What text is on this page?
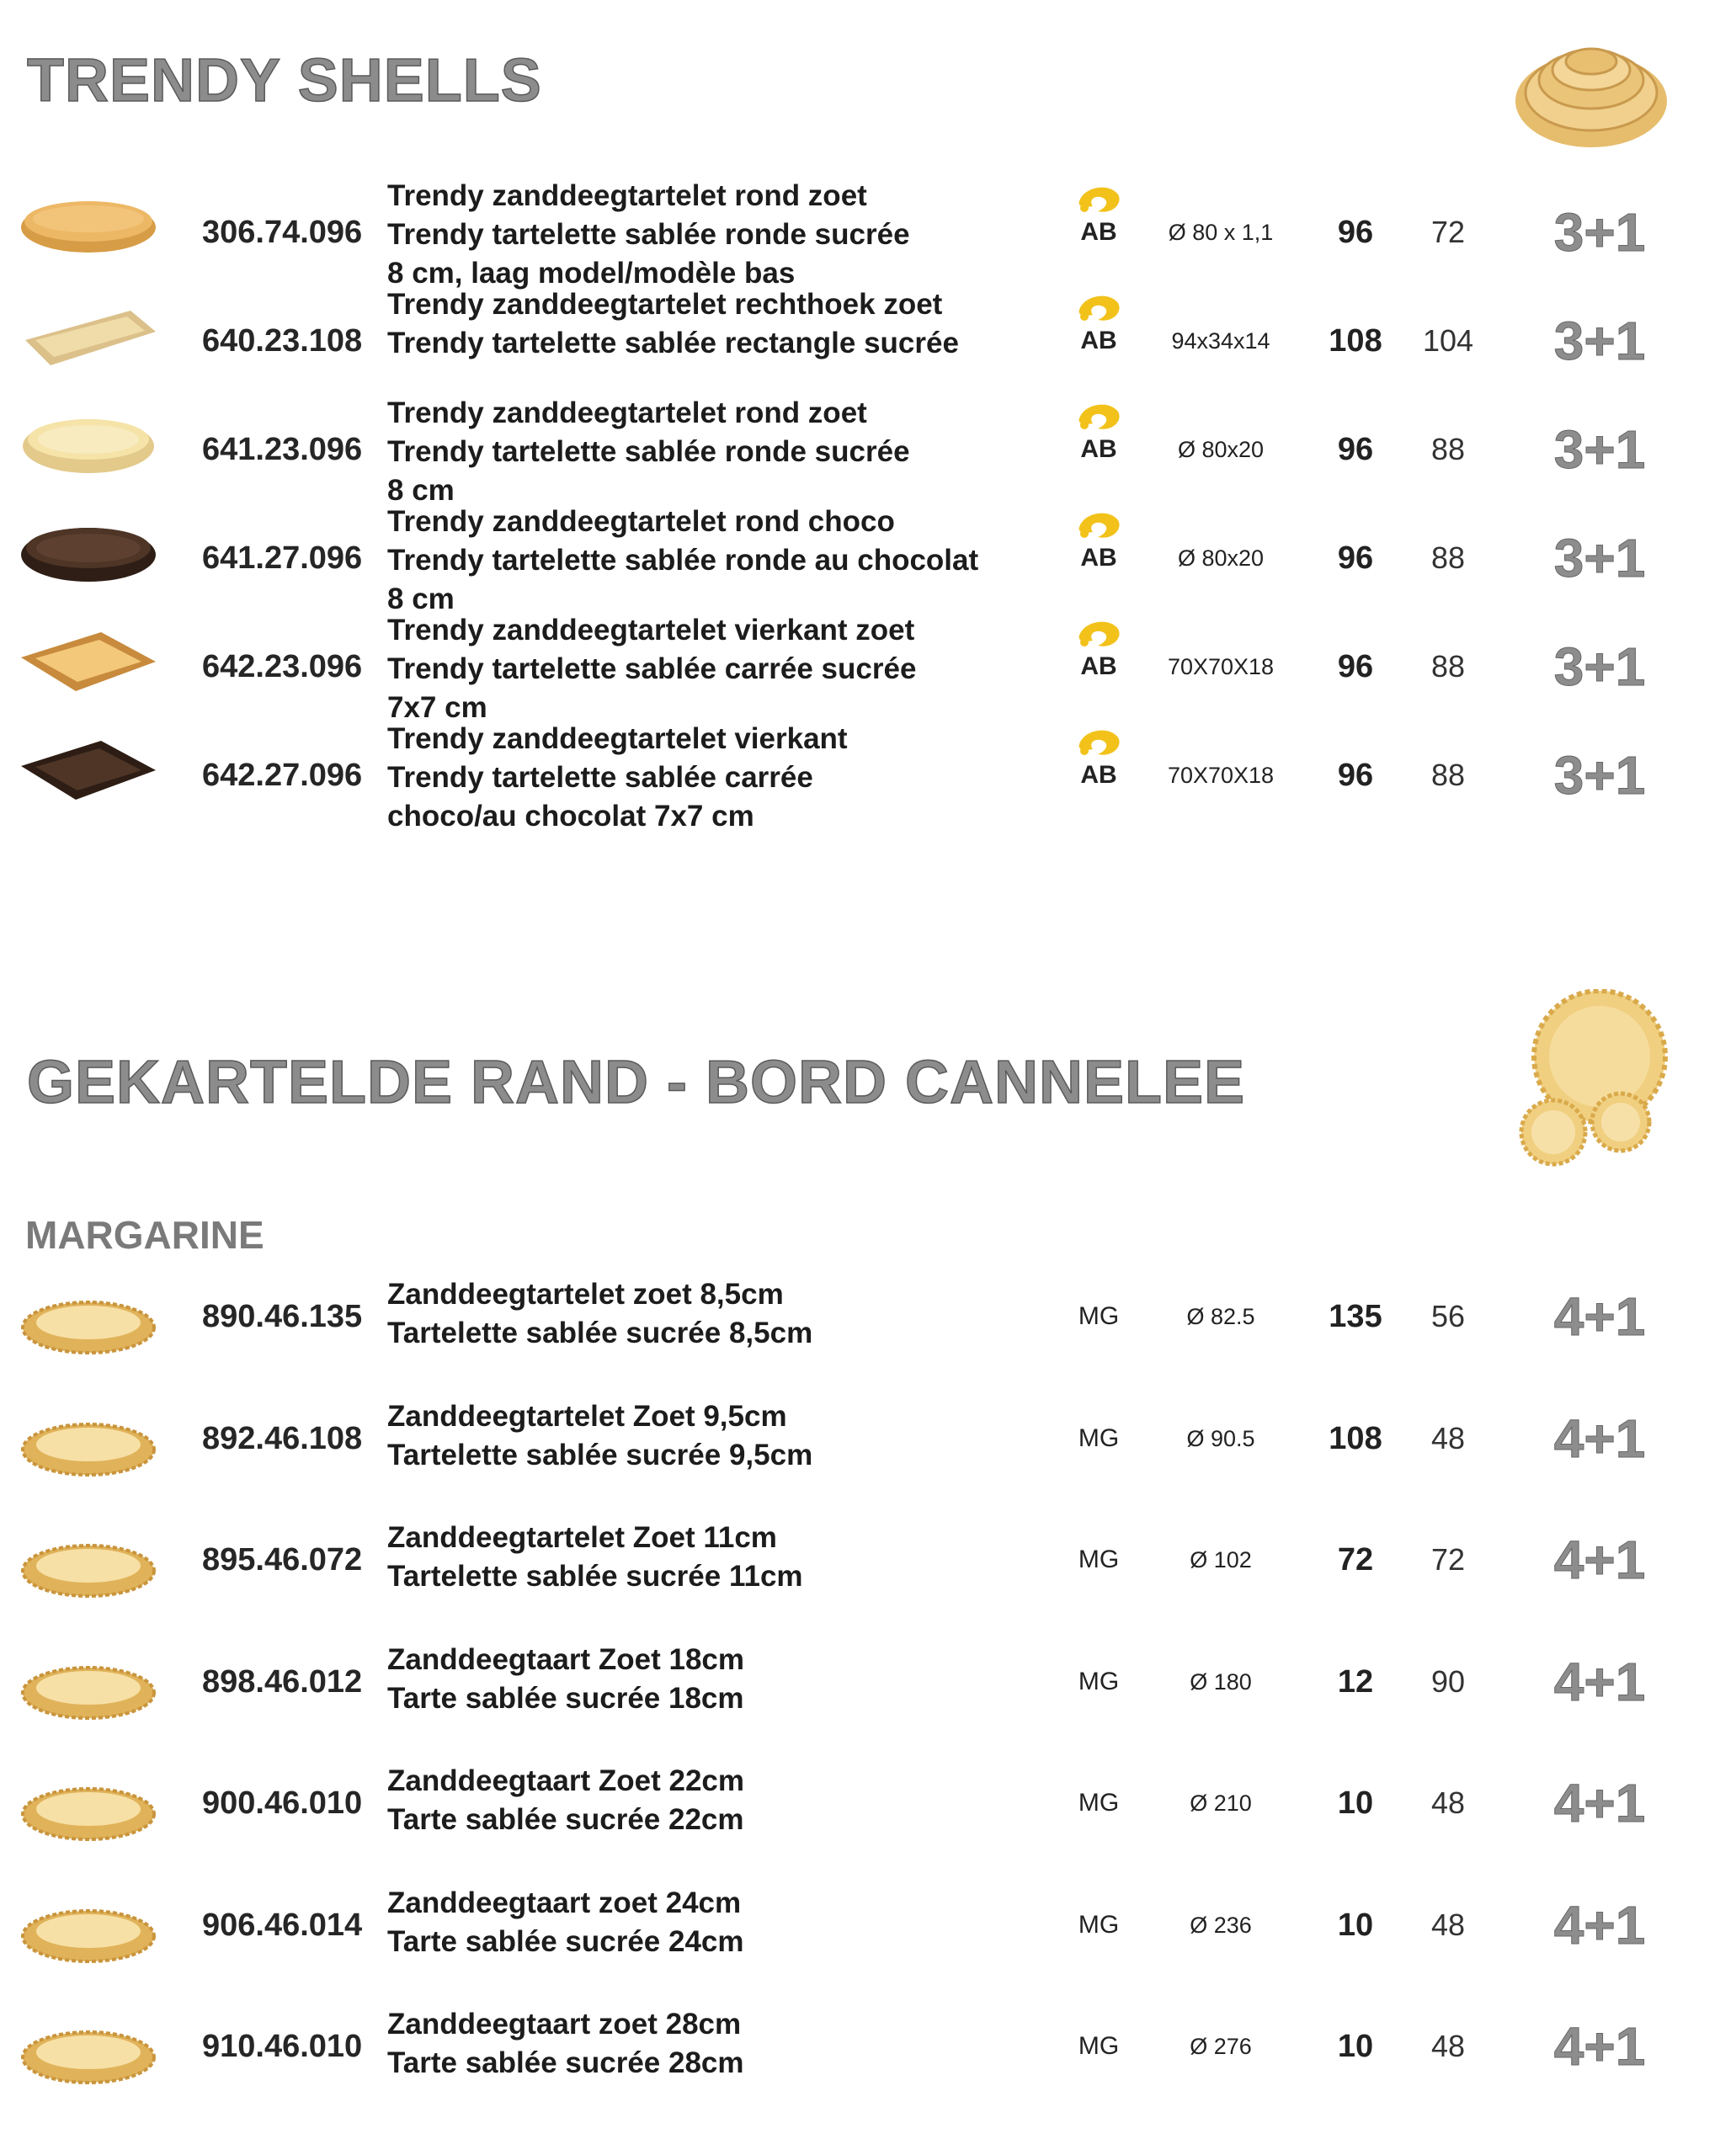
TRENDY SHELLS
306.74.096
Trendy zanddeegtartelet rond zoet
Trendy tartelette sablée ronde sucrée
8 cm, laag model/modèle bas
AB	Ø 80 x 1,1	96	72	3+1
640.23.108
Trendy zanddeegtartelet rechthoek zoet
Trendy tartelette sablée rectangle sucrée	AB	94x34x14	108	104	3+1
641.23.096
Trendy zanddeegtartelet rond zoet
Trendy tartelette sablée ronde sucrée
8 cm
AB	Ø 80x20	96	88	3+1
641.27.096
Trendy zanddeegtartelet rond choco
Trendy tartelette sablée ronde au chocolat
8 cm
AB	Ø 80x20	96	88	3+1
642.23.096
Trendy zanddeegtartelet vierkant zoet
Trendy tartelette sablée carrée sucrée
7x7 cm
AB	70X70X18	96	88	3+1
642.27.096
Trendy zanddeegtartelet vierkant
Trendy tartelette sablée carrée
choco/au chocolat 7x7 cm
AB	70X70X18	96	88	3+1
GEKARTELDE RAND - BORD CANNELEE
MARGARINE
890.46.135
Zanddeegtartelet zoet 8,5cm
Tartelette sablée sucrée 8,5cm
MG	Ø 82.5	135	56	4+1
892.46.108
Zanddeegtartelet Zoet 9,5cm
Tartelette sablée sucrée 9,5cm
MG	Ø 90.5	108	48	4+1
895.46.072
Zanddeegtartelet Zoet 11cm
Tartelette sablée sucrée 11cm
MG	Ø 102	72	72	4+1
898.46.012
Zanddeegtaart Zoet 18cm
Tarte sablée sucrée 18cm
MG	Ø 180	12	90	4+1
900.46.010
Zanddeegtaart Zoet 22cm
Tarte sablée sucrée 22cm
MG	Ø 210	10	48	4+1
906.46.014
Zanddeegtaart zoet 24cm
Tarte sablée sucrée 24cm
MG	Ø 236	10	48	4+1
910.46.010
Zanddeegtaart zoet 28cm
Tarte sablée sucrée 28cm
MG	Ø 276	10	48	4+1
